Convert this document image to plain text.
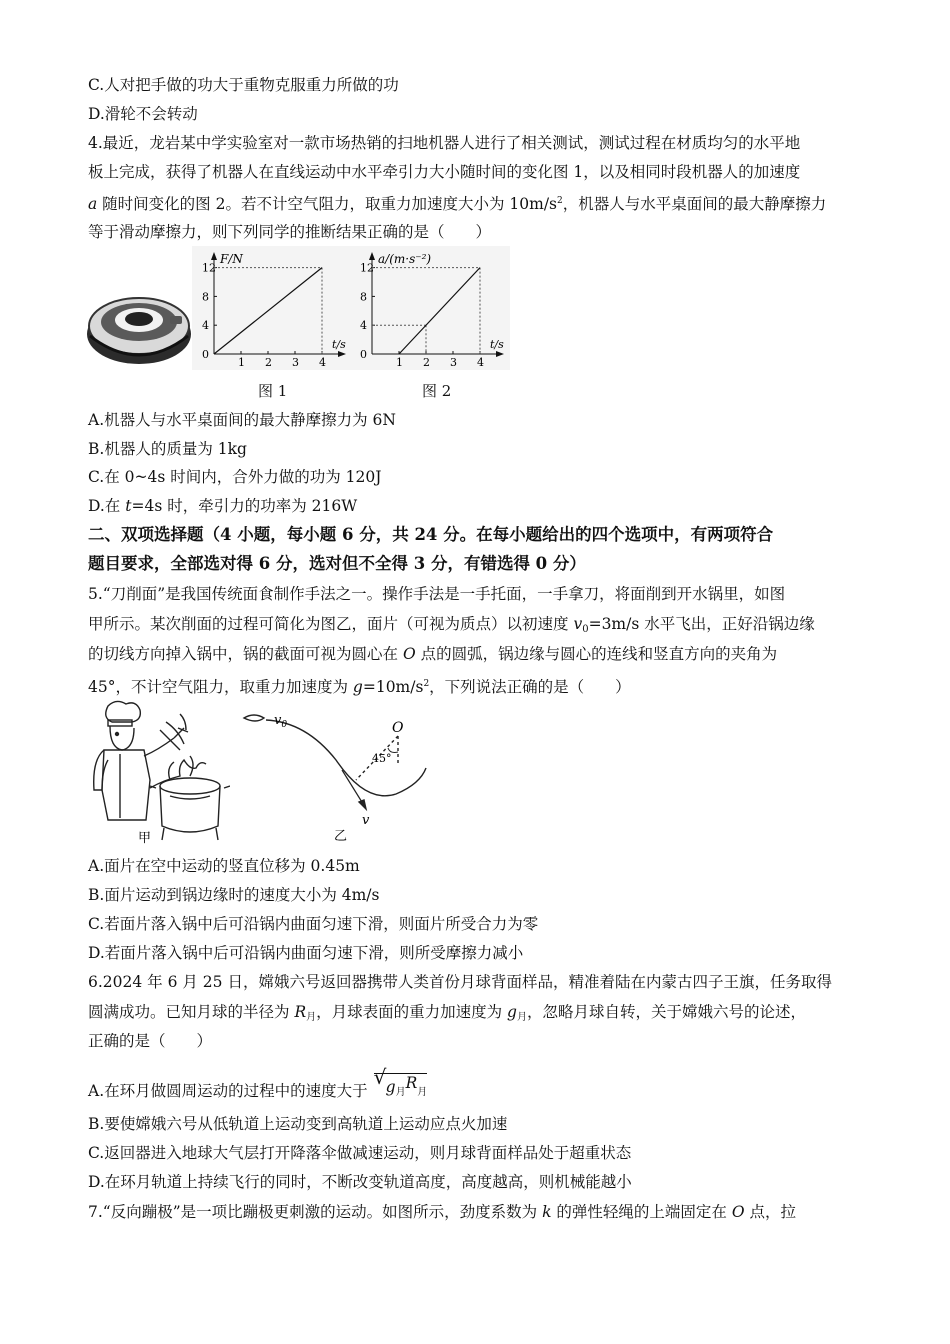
C.人对把手做的功大于重物克服重力所做的功
D.滑轮不会转动
4.最近，龙岩某中学实验室对一款市场热销的扫地机器人进行了相关测试，测试过程在材质均匀的水平地
板上完成，获得了机器人在直线运动中水平牵引力大小随时间的变化图 1，以及相同时段机器人的加速度
a 随时间变化的图 2。若不计空气阻力，取重力加速度大小为 $10m/s^2$，机器人与水平桌面间的最大静摩擦力
等于滑动摩擦力，则下列同学的推断结果正确的是（　　）
F/N
t/s
1 2 3 4
0
4
8
12
图 1
a/(m·s⁻²)
t/s
1 2 3 4
0
4
8
12
图 2
A.机器人与水平桌面间的最大静摩擦力为 6N
B.机器人的质量为 1kg
C.在 0~4s 时间内，合外力做的功为 120J
D.在 t=4s 时，牵引力的功率为 216W
二、双项选择题（4 小题，每小题 6 分，共 24 分。在每小题给出的四个选项中，有两项符合
题目要求，全部选对得 6 分，选对但不全得 3 分，有错选得 0 分）
5.“刀削面”是我国传统面食制作手法之一。操作手法是一手托面，一手拿刀，将面削到开水锅里，如图
甲所示。某次削面的过程可简化为图乙，面片（可视为质点）以初速度 $v_0=3m/s$ 水平飞出，正好沿锅边缘
的切线方向掉入锅中，锅的截面可视为圆心在 O 点的圆弧，锅边缘与圆心的连线和竖直方向的夹角为
45°，不计空气阻力，取重力加速度为 $g=10m/s^2$，下列说法正确的是（　　）
甲
$v_0$	O
45°
v
乙
A.面片在空中运动的竖直位移为 0.45m
B.面片运动到锅边缘时的速度大小为 4m/s
C.若面片落入锅中后可沿锅内曲面匀速下滑，则面片所受合力为零
D.若面片落入锅中后可沿锅内曲面匀速下滑，则所受摩擦力减小
6.2024 年 6 月 25 日，嫦娥六号返回器携带人类首份月球背面样品，精准着陆在内蒙古四子王旗，任务取得
圆满成功。已知月球的半径为 $R_月$，月球表面的重力加速度为 $g_月$，忽略月球自转，关于嫦娥六号的论述，
正确的是（　　）
A.在环月做圆周运动的过程中的速度大于
√ $g_月R_月$
B.要使嫦娥六号从低轨道上运动变到高轨道上运动应点火加速
C.返回器进入地球大气层打开降落伞做减速运动，则月球背面样品处于超重状态
D.在环月轨道上持续飞行的同时，不断改变轨道高度，高度越高，则机械能越小
7.“反向蹦极”是一项比蹦极更刺激的运动。如图所示，劲度系数为 k 的弹性轻绳的上端固定在 O 点，拉
